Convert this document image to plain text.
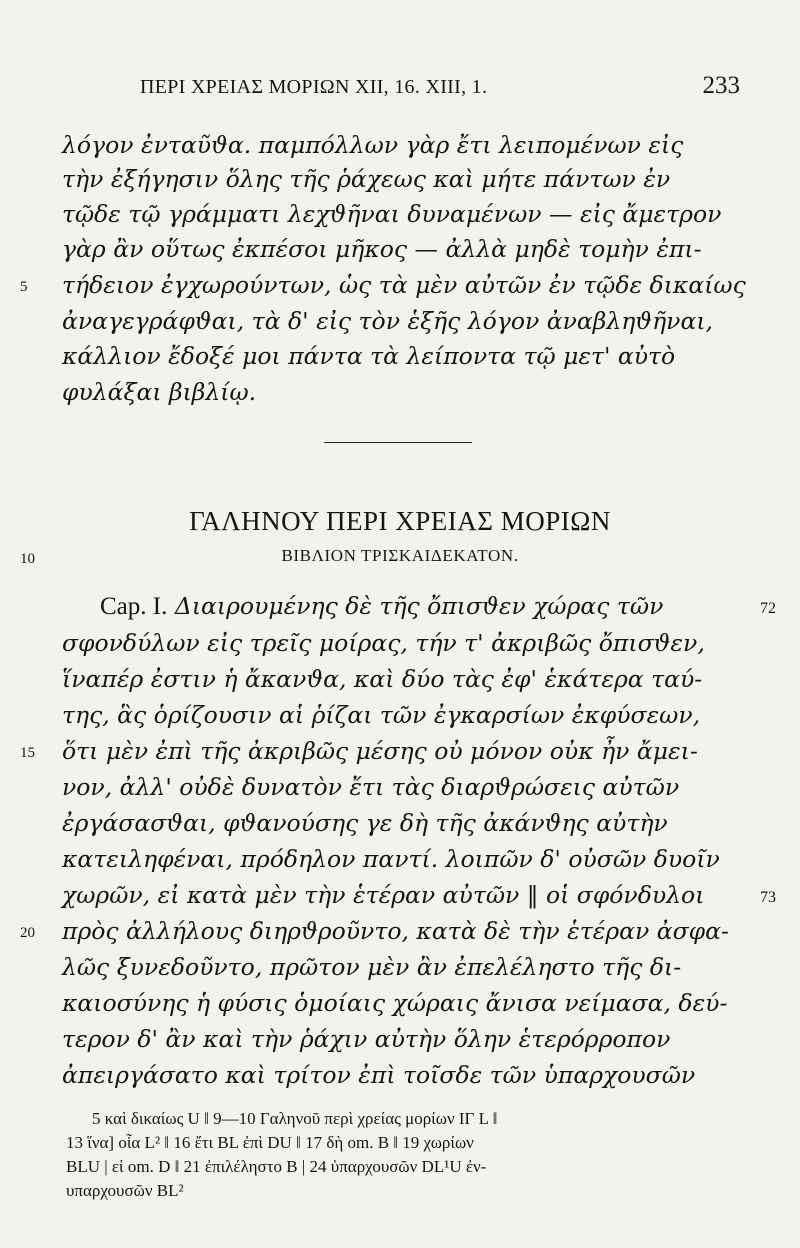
ΠΕΡΙ ΧΡΕΙΑΣ ΜΟΡΙΩΝ XII, 16. XIII, 1.	233
λόγον ἐνταῦϑα. παμπόλλων γὰρ ἔτι λειπομένων εἰς
τὴν ἐξήγησιν ὅλης τῆς ῥάχεως καὶ μήτε πάντων ἐν
τῷδε τῷ γράμματι λεχϑῆναι δυναμένων — εἰς ἄμετρον
γὰρ ἂν οὕτως ἐκπέσοι μῆκος — ἀλλὰ μηδὲ τομὴν ἐπι-
5 τήδειον ἐγχωρούντων, ὡς τὰ μὲν αὐτῶν ἐν τῷδε δικαίως
ἀναγεγράφϑαι, τὰ δ' εἰς τὸν ἑξῆς λόγον ἀναβληϑῆναι,
κάλλιον ἔδοξέ μοι πάντα τὰ λείποντα τῷ μετ' αὐτὸ
φυλάξαι βιβλίῳ.
ΓΑΛΗΝΟΥ ΠΕΡΙ ΧΡΕΙΑΣ ΜΟΡΙΩΝ
10	ΒΙΒΛΙΟΝ ΤΡΙΣΚΑΙΔΕΚΑΤΟΝ.
Cap. I. Διαιρουμένης δὲ τῆς ὄπισϑεν χώρας τῶν	72
σφονδύλων εἰς τρεῖς μοίρας, τήν τ' ἀκριβῶς ὄπισϑεν,
ἵναπέρ ἐστιν ἡ ἄκανϑα, καὶ δύο τὰς ἐφ' ἑκάτερα ταύ-
της, ἃς ὁρίζουσιν αἱ ῥίζαι τῶν ἐγκαρσίων ἐκφύσεων,
15 ὅτι μὲν ἐπὶ τῆς ἀκριβῶς μέσης οὐ μόνον οὐκ ἦν ἄμει-
νον, ἀλλ' οὐδὲ δυνατὸν ἔτι τὰς διαρϑρώσεις αὐτῶν
ἐργάσασϑαι, φϑανούσης γε δὴ τῆς ἀκάνϑης αὐτὴν
κατειληφέναι, πρόδηλον παντί. λοιπῶν δ' οὐσῶν δυοῖν
χωρῶν, εἰ κατὰ μὲν τὴν ἑτέραν αὐτῶν ‖ οἱ σφόνδυλοι	73
20 πρὸς ἀλλήλους διηρϑροῦντο, κατὰ δὲ τὴν ἑτέραν ἀσφα-
λῶς ξυνεδοῦντο, πρῶτον μὲν ἂν ἐπελέληστο τῆς δι-
καιοσύνης ἡ φύσις ὁμοίαις χώραις ἄνισα νείμασα, δεύ-
τερον δ' ἂν καὶ τὴν ῥάχιν αὐτὴν ὅλην ἑτερόρροπον
ἀπειργάσατο καὶ τρίτον ἐπὶ τοῖσδε τῶν ὑπαρχουσῶν
5 καὶ δικαίως U ‖ 9—10 Γαληνοῦ περὶ χρείας μορίων ΙΓ L ‖
13 ἵνα] οἷα L² ‖ 16 ἔτι BL ἐπὶ DU ‖ 17 δὴ om. B ‖ 19 χωρίων
BLU | εἰ om. D ‖ 21 ἐπιλέληστο B | 24 ὑπαρχουσῶν DL¹U ἐν-
υπαρχουσῶν BL²
